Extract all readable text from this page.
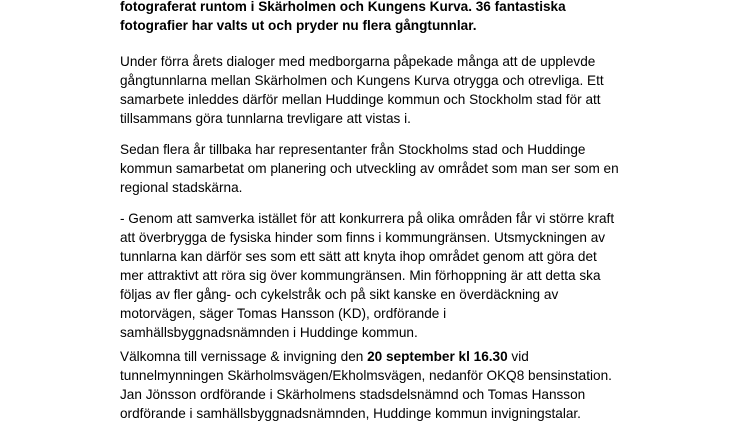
fotograferat runtom i Skärholmen och Kungens Kurva. 36 fantastiska
fotografier har valts ut och pryder nu flera gångtunnlar.
Under förra årets dialoger med medborgarna påpekade många att de upplevde
gångtunnlarna mellan Skärholmen och Kungens Kurva otrygga och otrevliga. Ett
samarbete inleddes därför mellan Huddinge kommun och Stockholm stad för att
tillsammans göra tunnlarna trevligare att vistas i.
Sedan flera år tillbaka har representanter från Stockholms stad och Huddinge
kommun samarbetat om planering och utveckling av området som man ser som en
regional stadskärna.
- Genom att samverka istället för att konkurrera på olika områden får vi större kraft
att överbrygga de fysiska hinder som finns i kommungränsen. Utsmyckningen av
tunnlarna kan därför ses som ett sätt att knyta ihop området genom att göra det
mer attraktivt att röra sig över kommungränsen. Min förhoppning är att detta ska
följas av fler gång- och cykelstråk och på sikt kanske en överdäckning av
motorvägen, säger Tomas Hansson (KD), ordförande i
samhällsbyggnadsnämnden i Huddinge kommun.
Välkomna till vernissage & invigning den 20 september kl 16.30 vid
tunnelmynningen Skärholmsvägen/Ekholmsvägen, nedanför OKQ8 bensinstation.
Jan Jönsson ordförande i Skärholmens stadsdelsnämnd och Tomas Hansson
ordförande i samhällsbyggnadsnämnden, Huddinge kommun invigningstalar.
